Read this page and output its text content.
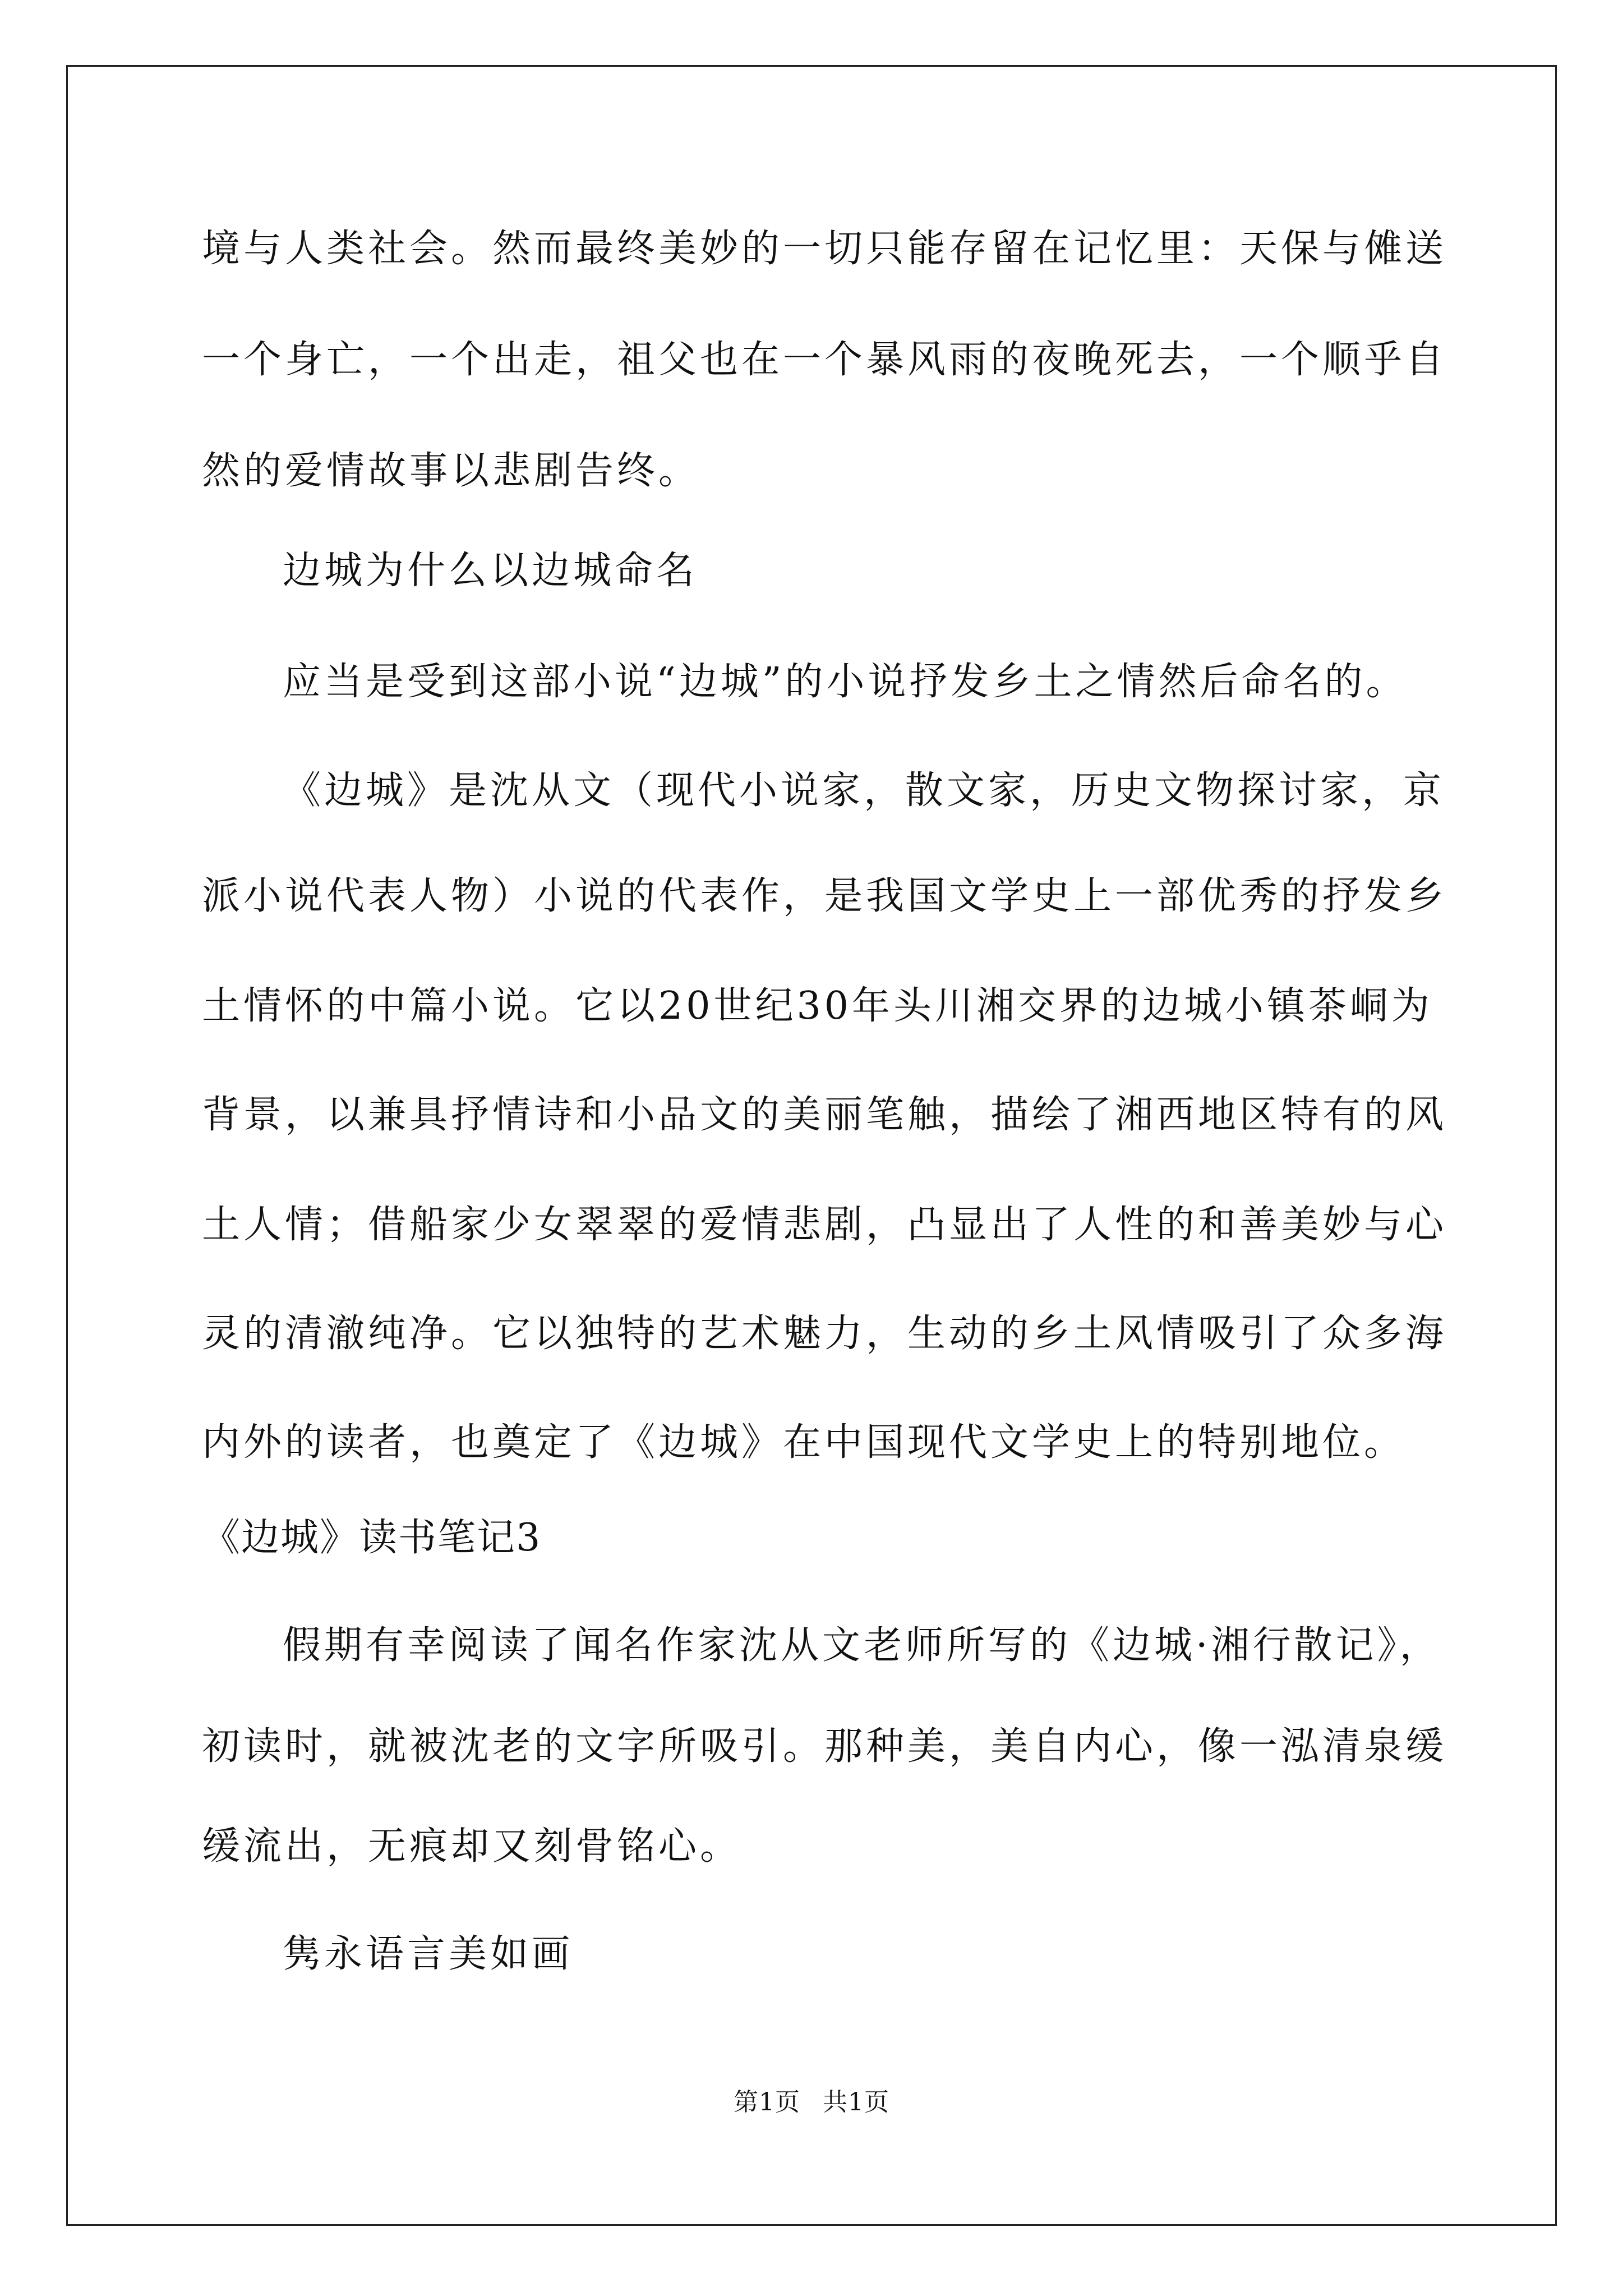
境与人类社会。然而最终美妙的一切只能存留在记忆里：天保与傩送
一个身亡，一个出走，祖父也在一个暴风雨的夜晚死去，一个顺乎自
然的爱情故事以悲剧告终。
边城为什么以边城命名
应当是受到这部小说“边城”的小说抒发乡土之情然后命名的。
《边城》是沈从文（现代小说家，散文家，历史文物探讨家，京
派小说代表人物）小说的代表作，是我国文学史上一部优秀的抒发乡
土情怀的中篇小说。它以20世纪30年头川湘交界的边城小镇茶峒为
背景，以兼具抒情诗和小品文的美丽笔触，描绘了湘西地区特有的风
土人情；借船家少女翠翠的爱情悲剧，凸显出了人性的和善美妙与心
灵的清澈纯净。它以独特的艺术魅力，生动的乡土风情吸引了众多海
内外的读者，也奠定了《边城》在中国现代文学史上的特别地位。
《边城》读书笔记3
假期有幸阅读了闻名作家沈从文老师所写的《边城·湘行散记》，
初读时，就被沈老的文字所吸引。那种美，美自内心，像一泓清泉缓
缓流出，无痕却又刻骨铭心。
隽永语言美如画
第1页 共1页
